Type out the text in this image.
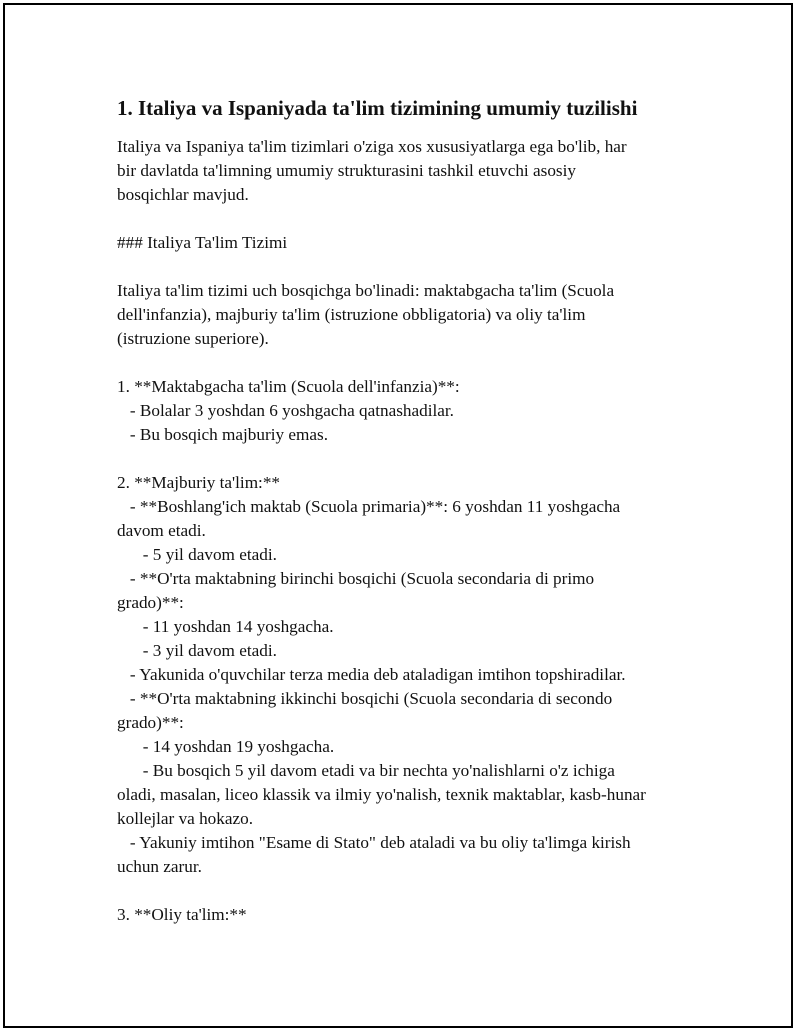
1. Italiya va Ispaniyada ta'lim tizimining umumiy tuzilishi
Italiya va Ispaniya ta'lim tizimlari o'ziga xos xususiyatlarga ega bo'lib, har
bir davlatda ta'limning umumiy strukturasini tashkil etuvchi asosiy
bosqichlar mavjud.
### Italiya Ta'lim Tizimi
Italiya ta'lim tizimi uch bosqichga bo'linadi: maktabgacha ta'lim (Scuola
dell'infanzia), majburiy ta'lim (istruzione obbligatoria) va oliy ta'lim
(istruzione superiore).
1. **Maktabgacha ta'lim (Scuola dell'infanzia)**:
- Bolalar 3 yoshdan 6 yoshgacha qatnashadilar.
- Bu bosqich majburiy emas.
2. **Majburiy ta'lim:**
- **Boshlang'ich maktab (Scuola primaria)**: 6 yoshdan 11 yoshgacha
davom etadi.
- 5 yil davom etadi.
- **O'rta maktabning birinchi bosqichi (Scuola secondaria di primo
grado)**:
- 11 yoshdan 14 yoshgacha.
- 3 yil davom etadi.
- Yakunida o'quvchilar terza media deb ataladigan imtihon topshiradilar.
- **O'rta maktabning ikkinchi bosqichi (Scuola secondaria di secondo
grado)**:
- 14 yoshdan 19 yoshgacha.
- Bu bosqich 5 yil davom etadi va bir nechta yo'nalishlarni o'z ichiga
oladi, masalan, liceo klassik va ilmiy yo'nalish, texnik maktablar, kasb-hunar
kollejlar va hokazo.
- Yakuniy imtihon "Esame di Stato" deb ataladi va bu oliy ta'limga kirish
uchun zarur.
3. **Oliy ta'lim:**
